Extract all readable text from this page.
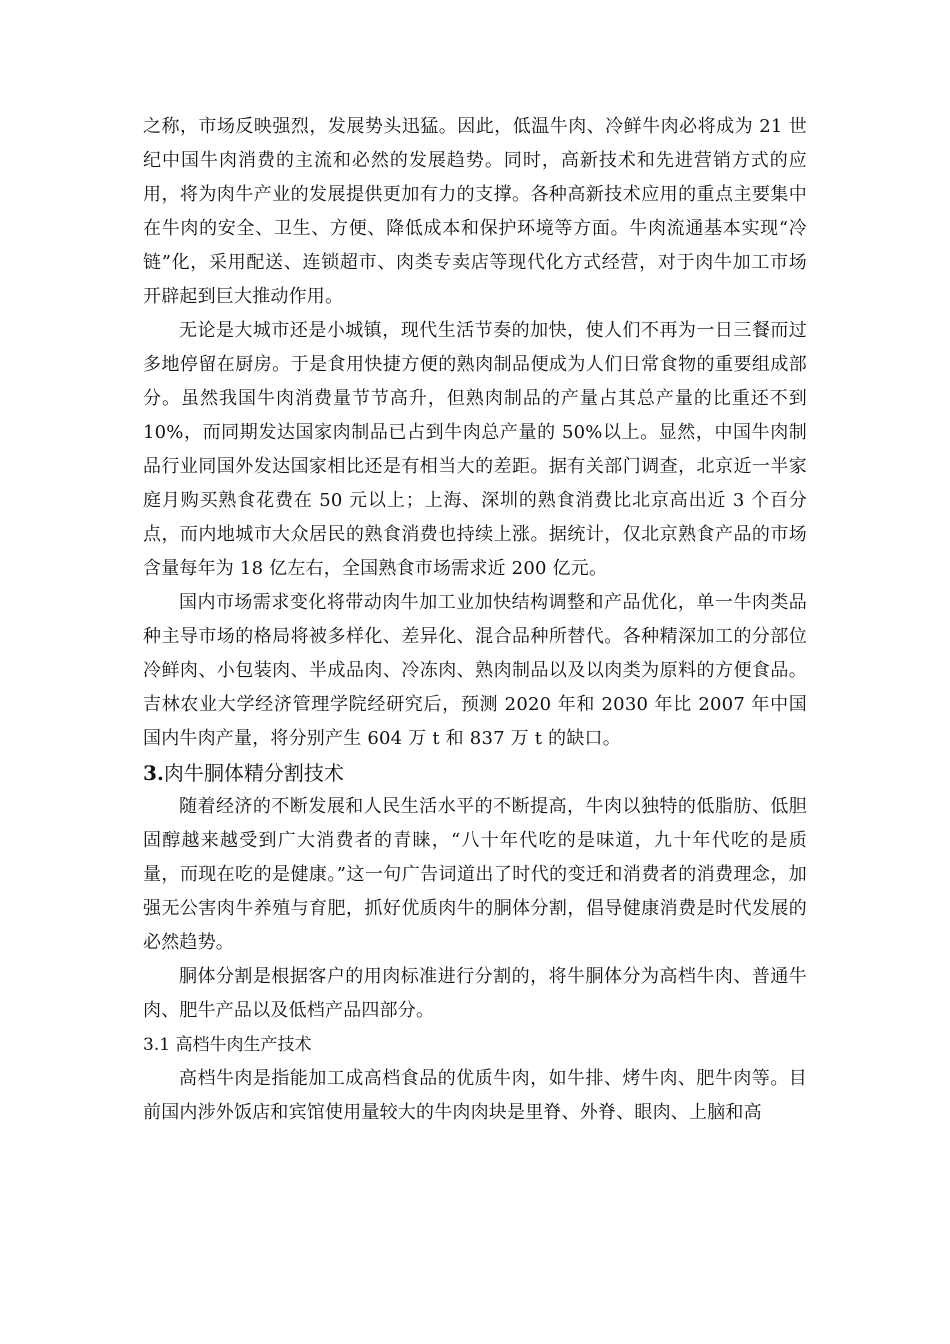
之称，市场反映强烈，发展势头迅猛。因此，低温牛肉、冷鲜牛肉必将成为 21 世纪中国牛肉消费的主流和必然的发展趋势。同时，高新技术和先进营销方式的应用，将为肉牛产业的发展提供更加有力的支撑。各种高新技术应用的重点主要集中在牛肉的安全、卫生、方便、降低成本和保护环境等方面。牛肉流通基本实现“冷链”化，采用配送、连锁超市、肉类专卖店等现代化方式经营，对于肉牛加工市场开辟起到巨大推动作用。

无论是大城市还是小城镇，现代生活节奏的加快，使人们不再为一日三餐而过多地停留在厨房。于是食用快捷方便的熟肉制品便成为人们日常食物的重要组成部分。虽然我国牛肉消费量节节高升，但熟肉制品的产量占其总产量的比重还不到 10%，而同期发达国家肉制品已占到牛肉总产量的 50%以上。显然，中国牛肉制品行业同国外发达国家相比还是有相当大的差距。据有关部门调查，北京近一半家庭月购买熟食花费在 50 元以上；上海、深圳的熟食消费比北京高出近 3 个百分点，而内地城市大众居民的熟食消费也持续上涨。据统计，仅北京熟食产品的市场含量每年为 18 亿左右，全国熟食市场需求近 200 亿元。

国内市场需求变化将带动肉牛加工业加快结构调整和产品优化，单一牛肉类品种主导市场的格局将被多样化、差异化、混合品种所替代。各种精深加工的分部位冷鲜肉、小包装肉、半成品肉、冷冻肉、熟肉制品以及以肉类为原料的方便食品。吉林农业大学经济管理学院经研究后，预测 2020 年和 2030 年比 2007 年中国国内牛肉产量，将分别产生 604 万 t 和 837 万 t 的缺口。

3.肉牛胴体精分割技术

随着经济的不断发展和人民生活水平的不断提高，牛肉以独特的低脂肪、低胆固醇越来越受到广大消费者的青睐，“八十年代吃的是味道，九十年代吃的是质量，而现在吃的是健康。”这一句广告词道出了时代的变迁和消费者的消费理念，加强无公害肉牛养殖与育肥，抓好优质肉牛的胴体分割，倡导健康消费是时代发展的必然趋势。

胴体分割是根据客户的用肉标准进行分割的，将牛胴体分为高档牛肉、普通牛肉、肥牛产品以及低档产品四部分。

3.1 高档牛肉生产技术

高档牛肉是指能加工成高档食品的优质牛肉，如牛排、烤牛肉、肥牛肉等。目前国内涉外饭店和宾馆使用量较大的牛肉肉块是里脊、外脊、眼肉、上脑和高
